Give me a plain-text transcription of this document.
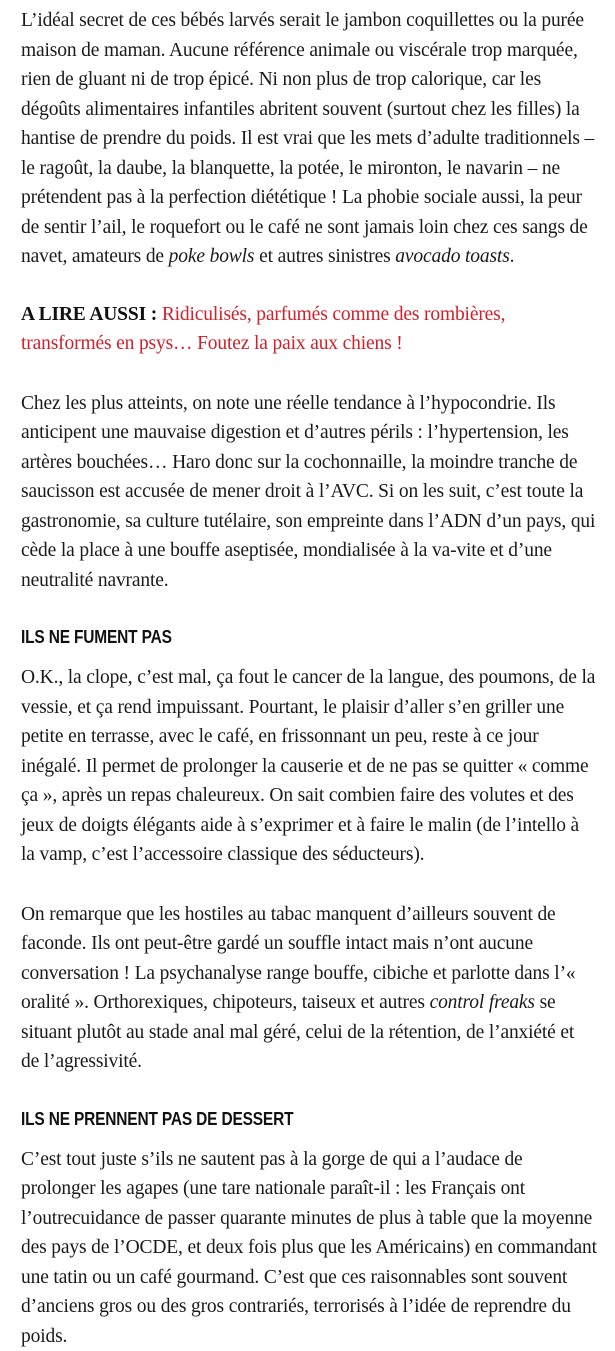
L’idéal secret de ces bébés larvés serait le jambon coquillettes ou la purée maison de maman. Aucune référence animale ou viscérale trop marquée, rien de gluant ni de trop épicé. Ni non plus de trop calorique, car les dégoûts alimentaires infantiles abritent souvent (surtout chez les filles) la hantise de prendre du poids. Il est vrai que les mets d’adulte traditionnels – le ragoût, la daube, la blanquette, la potée, le mironton, le navarin – ne prétendent pas à la perfection diététique ! La phobie sociale aussi, la peur de sentir l’ail, le roquefort ou le café ne sont jamais loin chez ces sangs de navet, amateurs de poke bowls et autres sinistres avocado toasts.

A LIRE AUSSI : Ridiculisés, parfumés comme des rombières, transformés en psys… Foutez la paix aux chiens !

Chez les plus atteints, on note une réelle tendance à l’hypocondrie. Ils anticipent une mauvaise digestion et d’autres périls : l’hypertension, les artères bouchées… Haro donc sur la cochonnaille, la moindre tranche de saucisson est accusée de mener droit à l’AVC. Si on les suit, c’est toute la gastronomie, sa culture tutélaire, son empreinte dans l’ADN d’un pays, qui cède la place à une bouffe aseptisée, mondialisée à la va-vite et d’une neutralité navrante.

ILS NE FUMENT PAS

O.K., la clope, c’est mal, ça fout le cancer de la langue, des poumons, de la vessie, et ça rend impuissant. Pourtant, le plaisir d’aller s’en griller une petite en terrasse, avec le café, en frissonnant un peu, reste à ce jour inégalé. Il permet de prolonger la causerie et de ne pas se quitter « comme ça », après un repas chaleureux. On sait combien faire des volutes et des jeux de doigts élégants aide à s’exprimer et à faire le malin (de l’intello à la vamp, c’est l’accessoire classique des séducteurs).

On remarque que les hostiles au tabac manquent d’ailleurs souvent de faconde. Ils ont peut-être gardé un souffle intact mais n’ont aucune conversation ! La psychanalyse range bouffe, cibiche et parlotte dans l’« oralité ». Orthorexiques, chipoteurs, taiseux et autres control freaks se situant plutôt au stade anal mal géré, celui de la rétention, de l’anxiété et de l’agressivité.

ILS NE PRENNENT PAS DE DESSERT

C’est tout juste s’ils ne sautent pas à la gorge de qui a l’audace de prolonger les agapes (une tare nationale paraît-il : les Français ont l’outrecuidance de passer quarante minutes de plus à table que la moyenne des pays de l’OCDE, et deux fois plus que les Américains) en commandant une tatin ou un café gourmand. C’est que ces raisonnables sont souvent d’anciens gros ou des gros contrariés, terrorisés à l’idée de reprendre du poids.
